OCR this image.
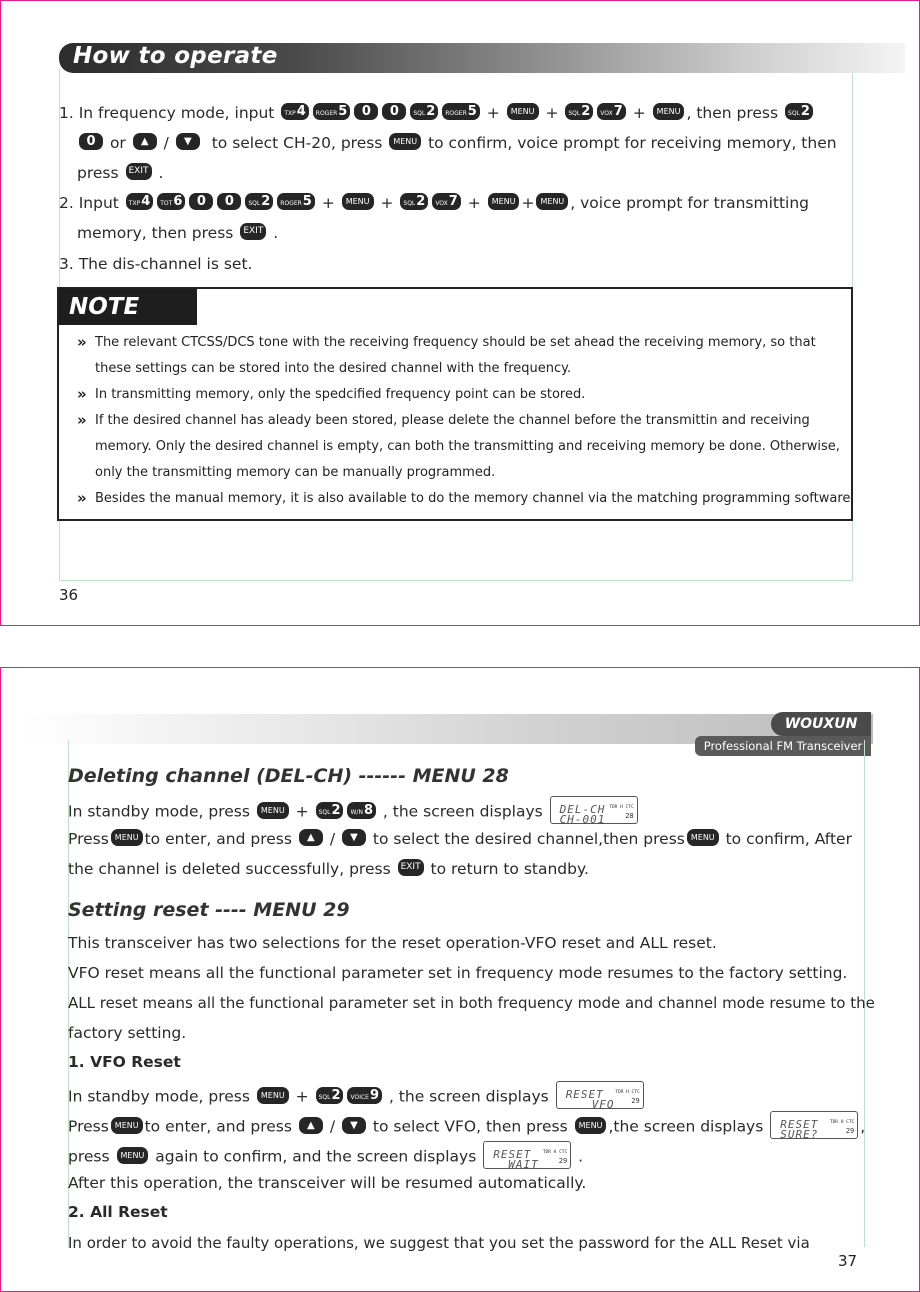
How to operate
1. In frequency mode, input TXP4 ROGER5 0 0 SQL2 ROGER5 + MENU + SQL2 VOX7 + MENU , then press SQL2
0 or ▲ / ▼ to select CH-20, press MENU to confirm, voice prompt for receiving memory, then
press EXIT .
2. Input TXP4 TOT6 0 0 SQL2 ROGER5 + MENU + SQL2 VOX7 + MENU + MENU , voice prompt for transmitting
memory, then press EXIT .
3. The dis-channel is set.
NOTE
» The relevant CTCSS/DCS tone with the receiving frequency should be set ahead the receiving memory, so that
these settings can be stored into the desired channel with the frequency.
» In transmitting memory, only the spedcified frequency point can be stored.
» If the desired channel has aleady been stored, please delete the channel before the transmittin and receiving
memory. Only the desired channel is empty, can both the transmitting and receiving memory be done. Otherwise,
only the transmitting memory can be manually programmed.
» Besides the manual memory, it is also available to do the memory channel via the matching programming software.
36
WOUXUN
Professional FM Transceiver
Deleting channel (DEL-CH) ------ MENU 28
In standby mode, press MENU + SQL2 W/N8 , the screen displays	TDR H CTC
DEL-CH
CH-001	28
Press MENU to enter, and press ▲ / ▼ to select the desired channel,then press MENU to confirm, After
the channel is deleted successfully, press EXIT to return to standby.
Setting reset ---- MENU 29
This transceiver has two selections for the reset operation-VFO reset and ALL reset.
VFO reset means all the functional parameter set in frequency mode resumes to the factory setting.
ALL reset means all the functional parameter set in both frequency mode and channel mode resume to the
factory setting.
1. VFO Reset
In standby mode, press MENU + SQL2 VOICE9 , the screen displays	TDR H CTC
RESET
VFO 29
Press MENU to enter, and press ▲ / ▼ to select VFO, then press MENU ,the screen displays	TDR H CTC
RESET
SURE?	29 ,
press MENU again to confirm, and the screen displays	TDR H CTC
RESET
WAIT	29 .
After this operation, the transceiver will be resumed automatically.
2. All Reset
In order to avoid the faulty operations, we suggest that you set the password for the ALL Reset via
37
